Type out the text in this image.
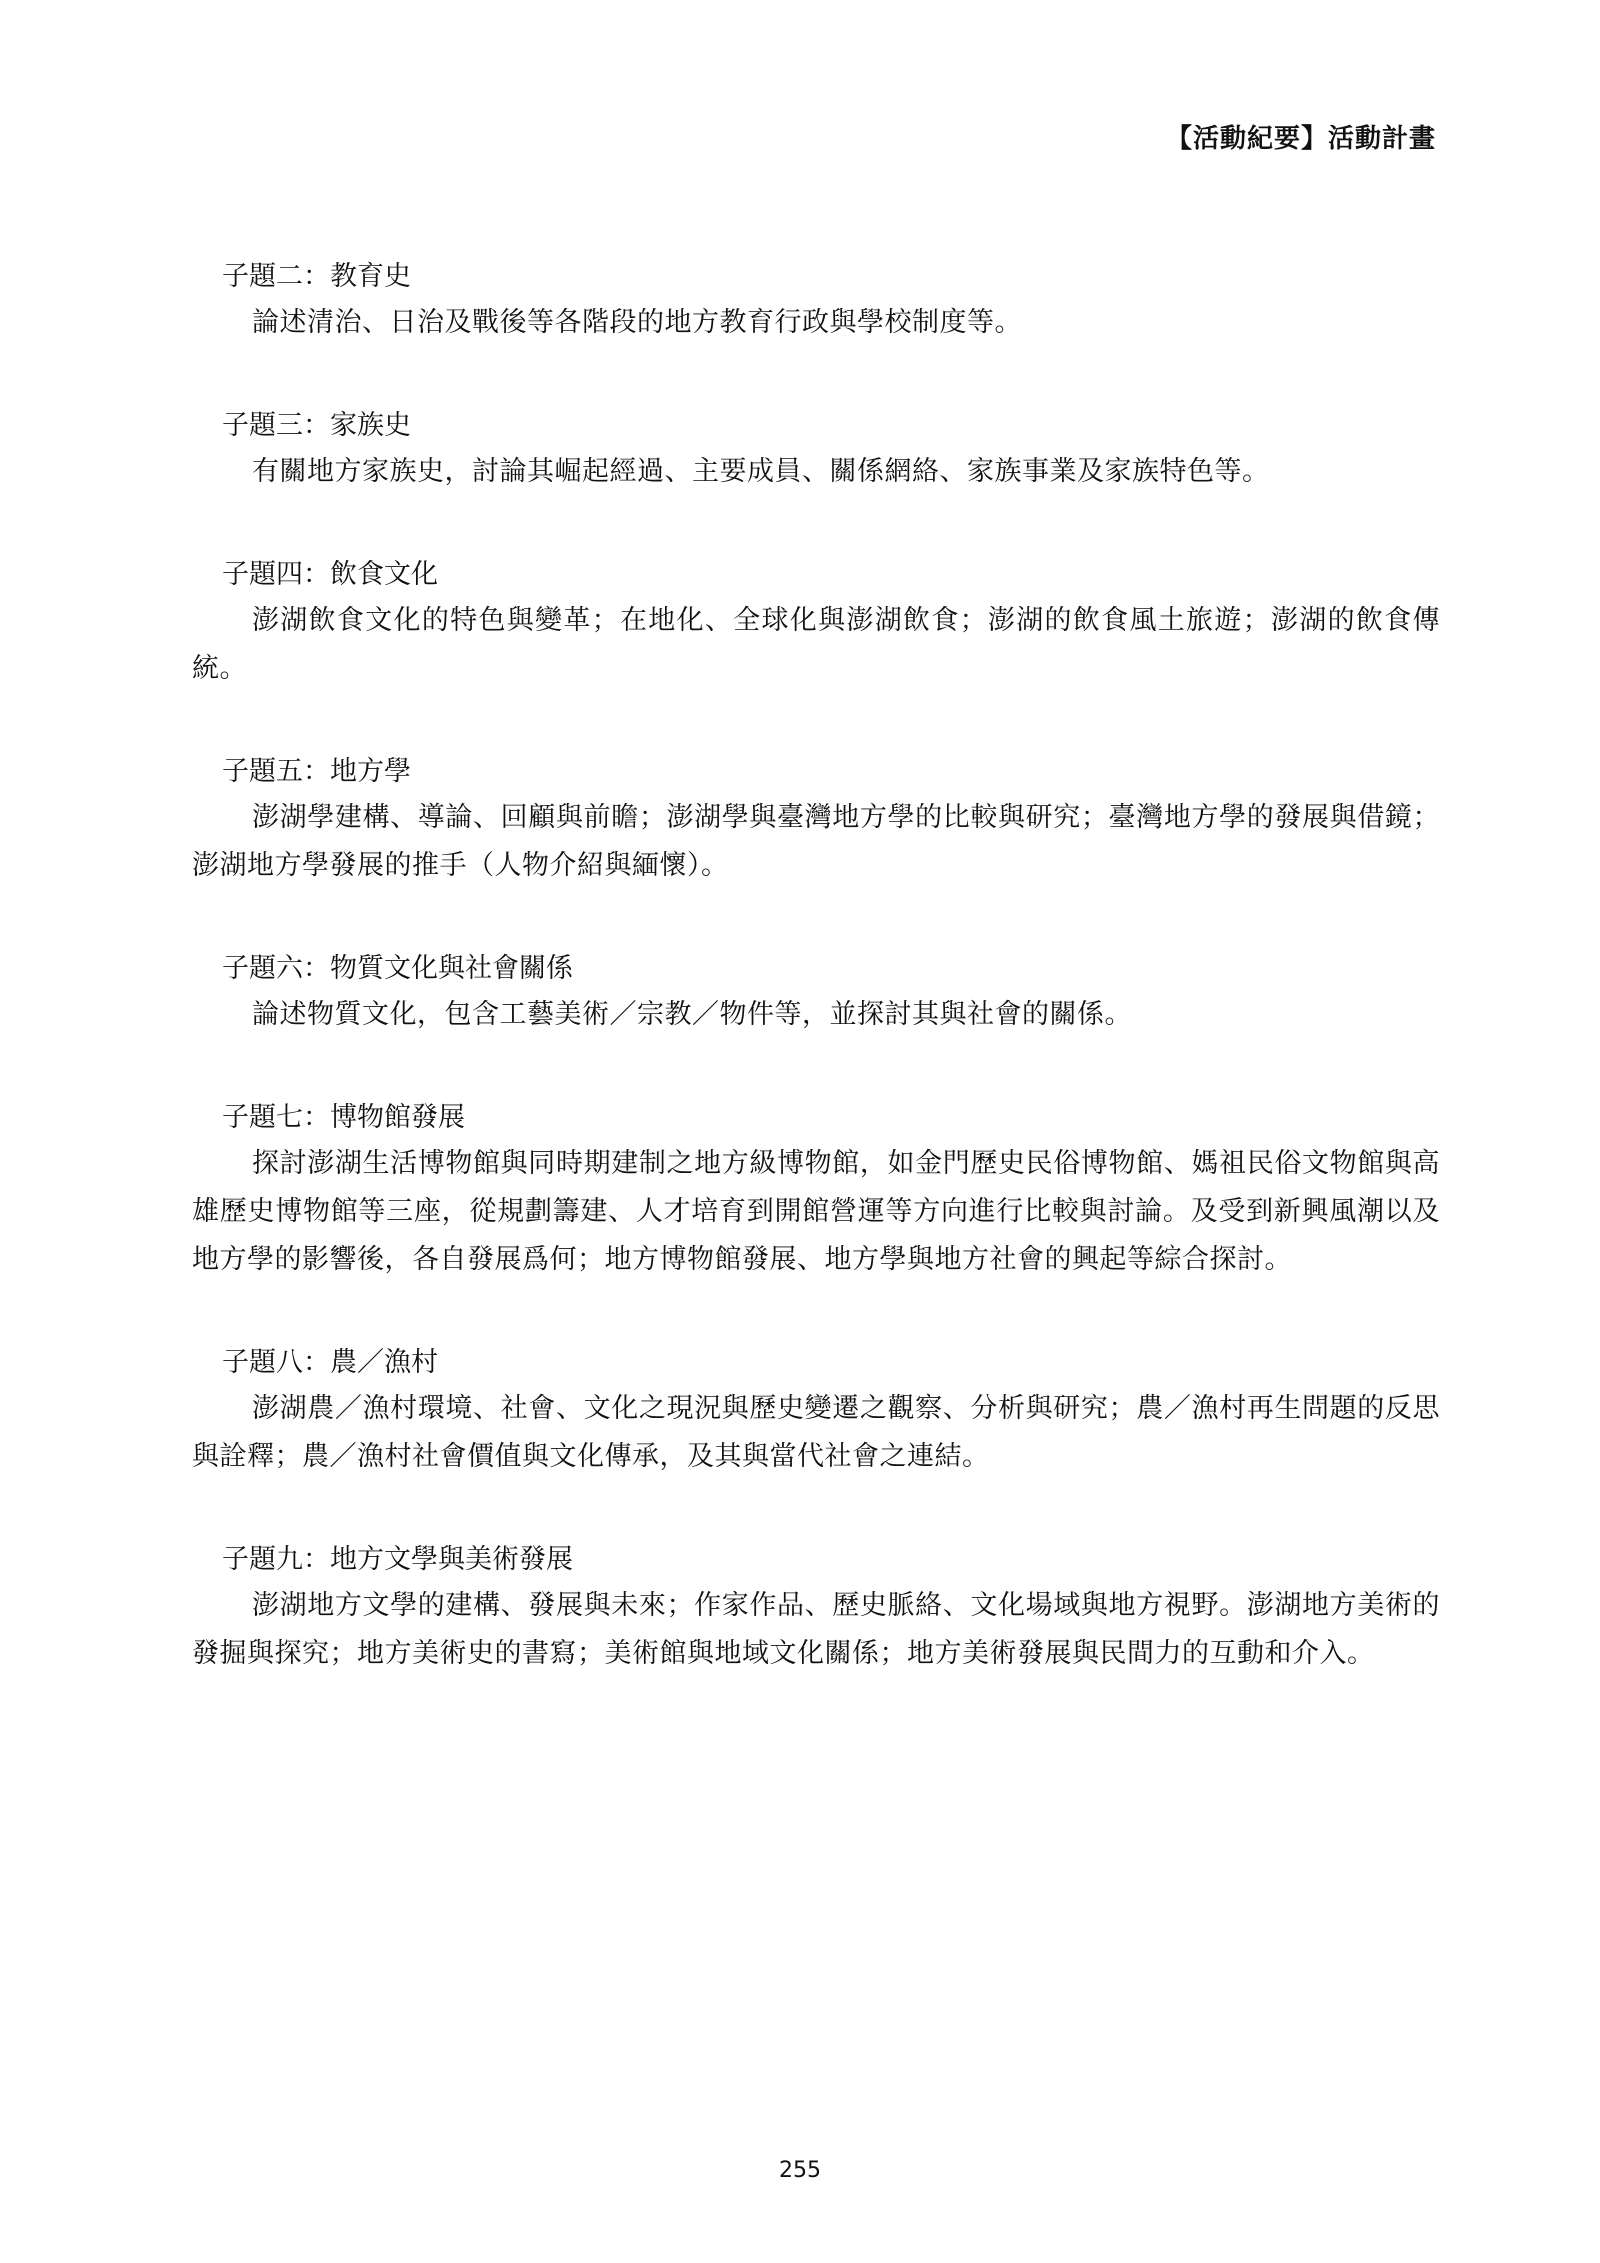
【活動紀要】活動計畫

子題二：教育史

論述清治、日治及戰後等各階段的地方教育行政與學校制度等。

子題三：家族史

有關地方家族史，討論其崛起經過、主要成員、關係網絡、家族事業及家族特色等。

子題四：飲食文化

澎湖飲食文化的特色與變革；在地化、全球化與澎湖飲食；澎湖的飲食風土旅遊；澎湖的飲食傳統。

子題五：地方學

澎湖學建構、導論、回顧與前瞻；澎湖學與臺灣地方學的比較與研究；臺灣地方學的發展與借鏡；澎湖地方學發展的推手（人物介紹與緬懷）。

子題六：物質文化與社會關係

論述物質文化，包含工藝美術／宗教／物件等，並探討其與社會的關係。

子題七：博物館發展

探討澎湖生活博物館與同時期建制之地方級博物館，如金門歷史民俗博物館、媽祖民俗文物館與高雄歷史博物館等三座，從規劃籌建、人才培育到開館營運等方向進行比較與討論。及受到新興風潮以及地方學的影響後，各自發展爲何；地方博物館發展、地方學與地方社會的興起等綜合探討。

子題八：農／漁村

澎湖農／漁村環境、社會、文化之現況與歷史變遷之觀察、分析與研究；農／漁村再生問題的反思與詮釋；農／漁村社會價值與文化傳承，及其與當代社會之連結。

子題九：地方文學與美術發展

澎湖地方文學的建構、發展與未來；作家作品、歷史脈絡、文化場域與地方視野。澎湖地方美術的發掘與探究；地方美術史的書寫；美術館與地域文化關係；地方美術發展與民間力的互動和介入。

255
